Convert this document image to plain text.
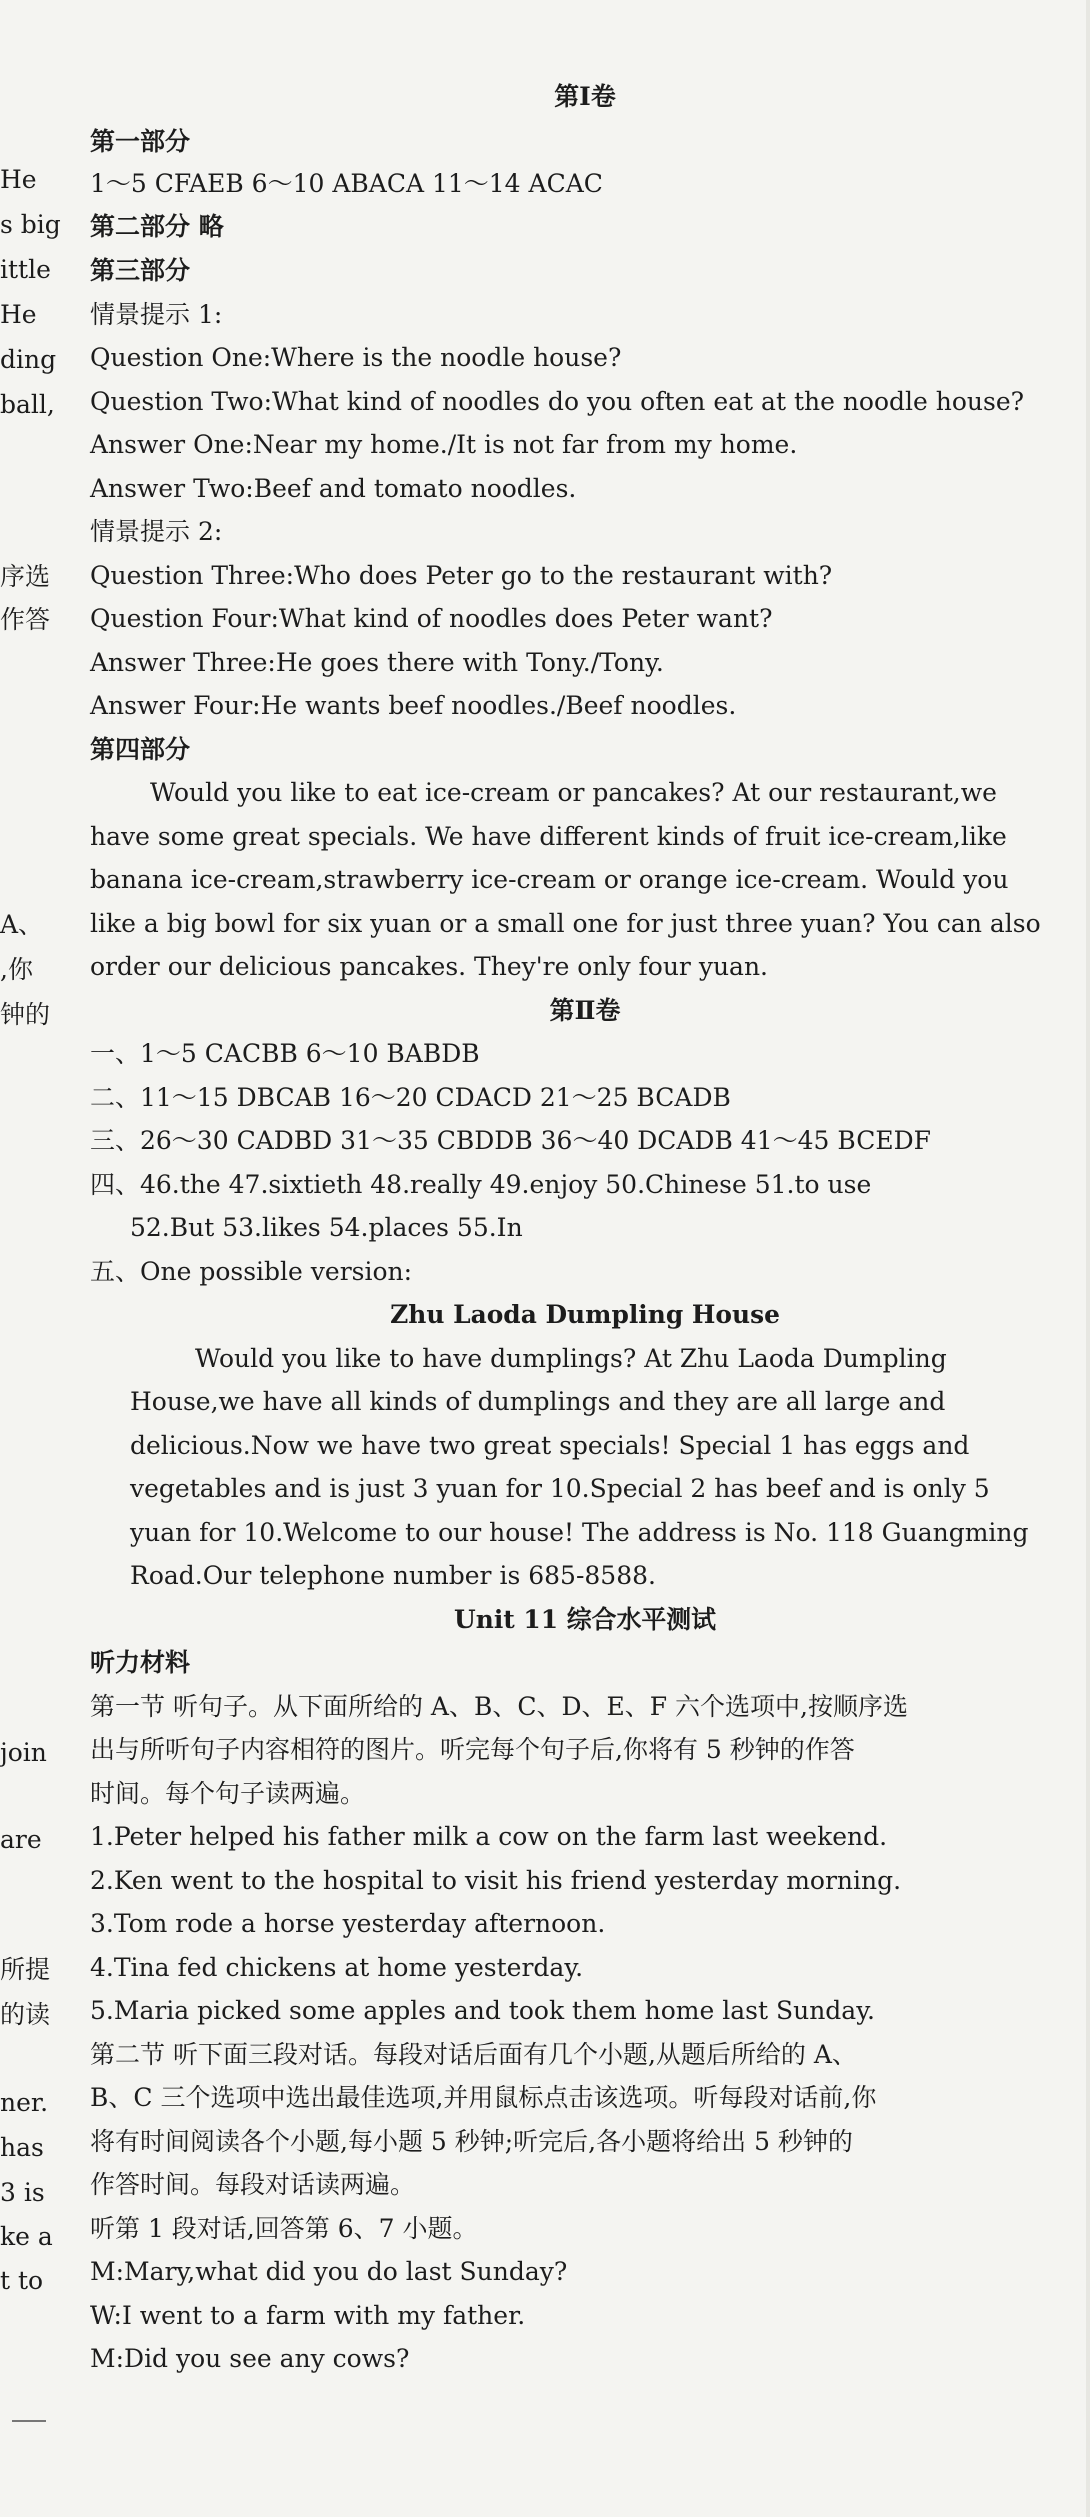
He
s big
ittle
He
ding
ball,
序选
作答
A、
,你
钟的
join
are
所提
的读
ner.
has
3 is
ke a
t to
第Ⅰ卷
第一部分
1～5 CFAEB 6～10 ABACA 11～14 ACAC
第二部分 略
第三部分
情景提示 1:
Question One:Where is the noodle house?
Question Two:What kind of noodles do you often eat at the noodle house?
Answer One:Near my home./It is not far from my home.
Answer Two:Beef and tomato noodles.
情景提示 2:
Question Three:Who does Peter go to the restaurant with?
Question Four:What kind of noodles does Peter want?
Answer Three:He goes there with Tony./Tony.
Answer Four:He wants beef noodles./Beef noodles.
第四部分
Would you like to eat ice-cream or pancakes? At our restaurant,we
have some great specials. We have different kinds of fruit ice-cream,like
banana ice-cream,strawberry ice-cream or orange ice-cream. Would you
like a big bowl for six yuan or a small one for just three yuan? You can also
order our delicious pancakes. They're only four yuan.
第Ⅱ卷
一、1～5 CACBB 6～10 BABDB
二、11～15 DBCAB 16～20 CDACD 21～25 BCADB
三、26～30 CADBD 31～35 CBDDB 36～40 DCADB 41～45 BCEDF
四、46.the 47.sixtieth 48.really 49.enjoy 50.Chinese 51.to use
52.But 53.likes 54.places 55.In
五、One possible version:
Zhu Laoda Dumpling House
Would you like to have dumplings? At Zhu Laoda Dumpling
House,we have all kinds of dumplings and they are all large and
delicious.Now we have two great specials! Special 1 has eggs and
vegetables and is just 3 yuan for 10.Special 2 has beef and is only 5
yuan for 10.Welcome to our house! The address is No. 118 Guangming
Road.Our telephone number is 685-8588.
Unit 11 综合水平测试
听力材料
第一节 听句子。从下面所给的 A、B、C、D、E、F 六个选项中,按顺序选
出与所听句子内容相符的图片。听完每个句子后,你将有 5 秒钟的作答
时间。每个句子读两遍。
1.Peter helped his father milk a cow on the farm last weekend.
2.Ken went to the hospital to visit his friend yesterday morning.
3.Tom rode a horse yesterday afternoon.
4.Tina fed chickens at home yesterday.
5.Maria picked some apples and took them home last Sunday.
第二节 听下面三段对话。每段对话后面有几个小题,从题后所给的 A、
B、C 三个选项中选出最佳选项,并用鼠标点击该选项。听每段对话前,你
将有时间阅读各个小题,每小题 5 秒钟;听完后,各小题将给出 5 秒钟的
作答时间。每段对话读两遍。
听第 1 段对话,回答第 6、7 小题。
M:Mary,what did you do last Sunday?
W:I went to a farm with my father.
M:Did you see any cows?
